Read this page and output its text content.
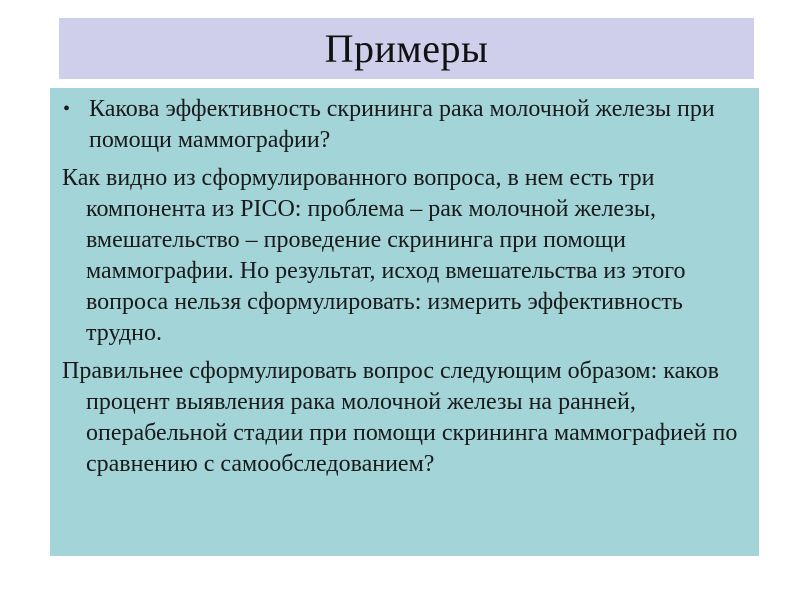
Примеры

• Какова эффективность скрининга рака молочной железы при помощи маммографии?

Как видно из сформулированного вопроса, в нем есть три компонента из PICO: проблема – рак молочной железы, вмешательство – проведение скрининга при помощи маммографии. Но результат, исход вмешательства из этого вопроса нельзя сформулировать: измерить эффективность трудно.

Правильнее сформулировать вопрос следующим образом: каков процент выявления рака молочной железы на ранней, операбельной стадии при помощи скрининга маммографией по сравнению с самообследованием?
